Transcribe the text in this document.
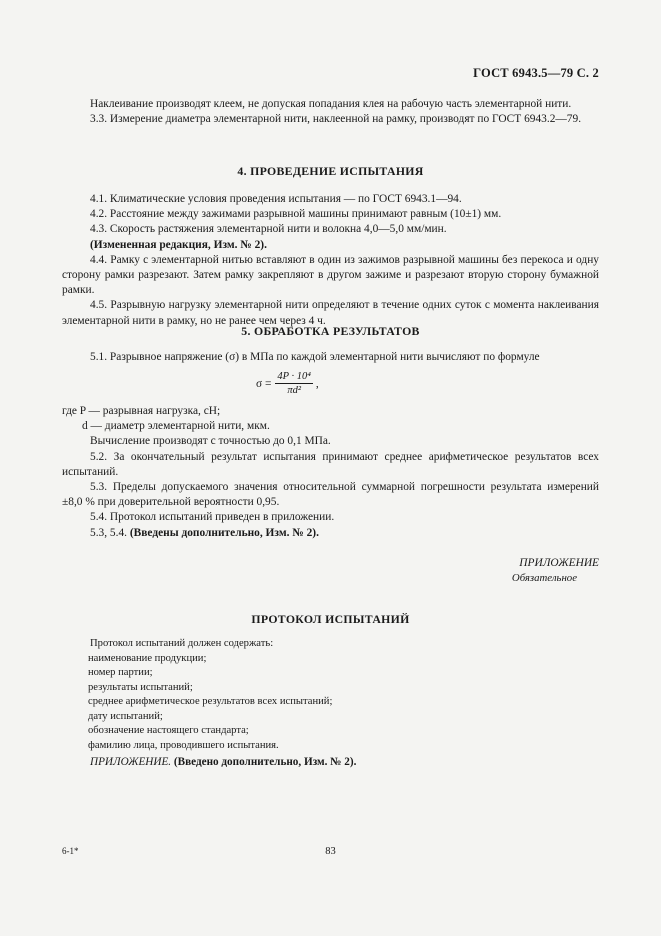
ГОСТ 6943.5—79 С. 2

Наклеивание производят клеем, не допуская попадания клея на рабочую часть элементарной нити.

3.3. Измерение диаметра элементарной нити, наклеенной на рамку, производят по ГОСТ 6943.2—79.

4. ПРОВЕДЕНИЕ ИСПЫТАНИЯ

4.1. Климатические условия проведения испытания — по ГОСТ 6943.1—94.

4.2. Расстояние между зажимами разрывной машины принимают равным (10±1) мм.

4.3. Скорость растяжения элементарной нити и волокна 4,0—5,0 мм/мин.

(Измененная редакция, Изм. № 2).

4.4. Рамку с элементарной нитью вставляют в один из зажимов разрывной машины без перекоса и одну сторону рамки разрезают. Затем рамку закрепляют в другом зажиме и разрезают вторую сторону бумажной рамки.

4.5. Разрывную нагрузку элементарной нити определяют в течение одних суток с момента наклеивания элементарной нити в рамку, но не ранее чем через 4 ч.

5. ОБРАБОТКА РЕЗУЛЬТАТОВ

5.1. Разрывное напряжение (σ) в МПа по каждой элементарной нити вычисляют по формуле

$\sigma = \frac{\text{4P · 10⁴}}{\text{πd²}}$ ,

где P — разрывная нагрузка, сН;

d — диаметр элементарной нити, мкм.

Вычисление производят с точностью до 0,1 МПа.

5.2. За окончательный результат испытания принимают среднее арифметическое результатов всех испытаний.

5.3. Пределы допускаемого значения относительной суммарной погрешности результата измерений ±8,0 % при доверительной вероятности 0,95.

5.4. Протокол испытаний приведен в приложении.

5.3, 5.4. (Введены дополнительно, Изм. № 2).

ПРИЛОЖЕНИЕ
Обязательное

ПРОТОКОЛ ИСПЫТАНИЙ

Протокол испытаний должен содержать:
наименование продукции;
номер партии;
результаты испытаний;
среднее арифметическое результатов всех испытаний;
дату испытаний;
обозначение настоящего стандарта;
фамилию лица, проводившего испытания.
ПРИЛОЖЕНИЕ. (Введено дополнительно, Изм. № 2).
6-1*	83
